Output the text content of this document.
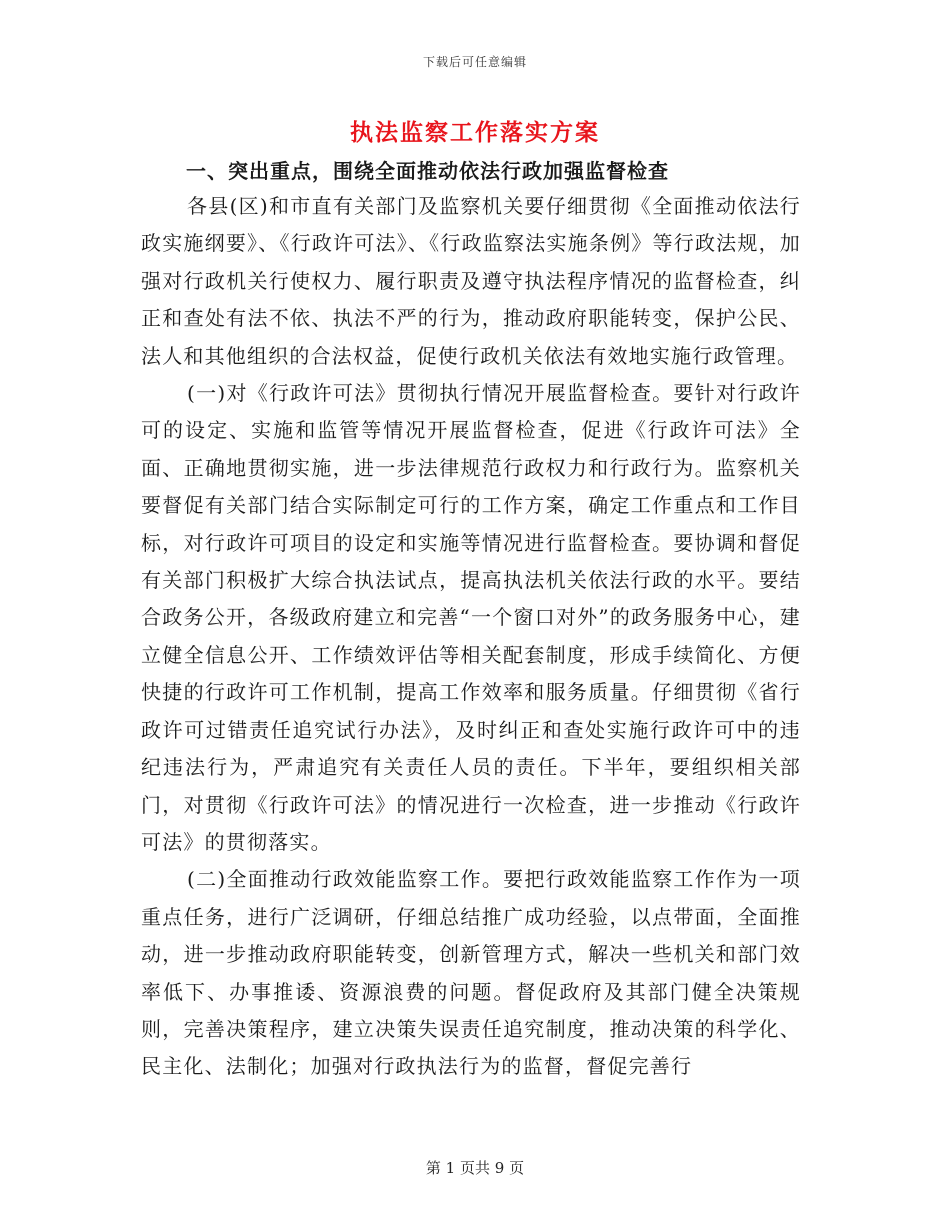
下载后可任意编辑
执法监察工作落实方案
一、突出重点，围绕全面推动依法行政加强监督检查

各县(区)和市直有关部门及监察机关要仔细贯彻《全面推动依法行政实施纲要》、《行政许可法》、《行政监察法实施条例》等行政法规，加强对行政机关行使权力、履行职责及遵守执法程序情况的监督检查，纠正和查处有法不依、执法不严的行为，推动政府职能转变，保护公民、法人和其他组织的合法权益，促使行政机关依法有效地实施行政管理。

(一)对《行政许可法》贯彻执行情况开展监督检查。要针对行政许可的设定、实施和监管等情况开展监督检查，促进《行政许可法》全面、正确地贯彻实施，进一步法律规范行政权力和行政行为。监察机关要督促有关部门结合实际制定可行的工作方案，确定工作重点和工作目标，对行政许可项目的设定和实施等情况进行监督检查。要协调和督促有关部门积极扩大综合执法试点，提高执法机关依法行政的水平。要结合政务公开，各级政府建立和完善“一个窗口对外”的政务服务中心，建立健全信息公开、工作绩效评估等相关配套制度，形成手续简化、方便快捷的行政许可工作机制，提高工作效率和服务质量。仔细贯彻《省行政许可过错责任追究试行办法》，及时纠正和查处实施行政许可中的违纪违法行为，严肃追究有关责任人员的责任。下半年，要组织相关部门，对贯彻《行政许可法》的情况进行一次检查，进一步推动《行政许可法》的贯彻落实。

(二)全面推动行政效能监察工作。要把行政效能监察工作作为一项重点任务，进行广泛调研，仔细总结推广成功经验，以点带面，全面推动，进一步推动政府职能转变，创新管理方式，解决一些机关和部门效率低下、办事推诿、资源浪费的问题。督促政府及其部门健全决策规则，完善决策程序，建立决策失误责任追究制度，推动决策的科学化、民主化、法制化；加强对行政执法行为的监督，督促完善行

第 1 页共 9 页
